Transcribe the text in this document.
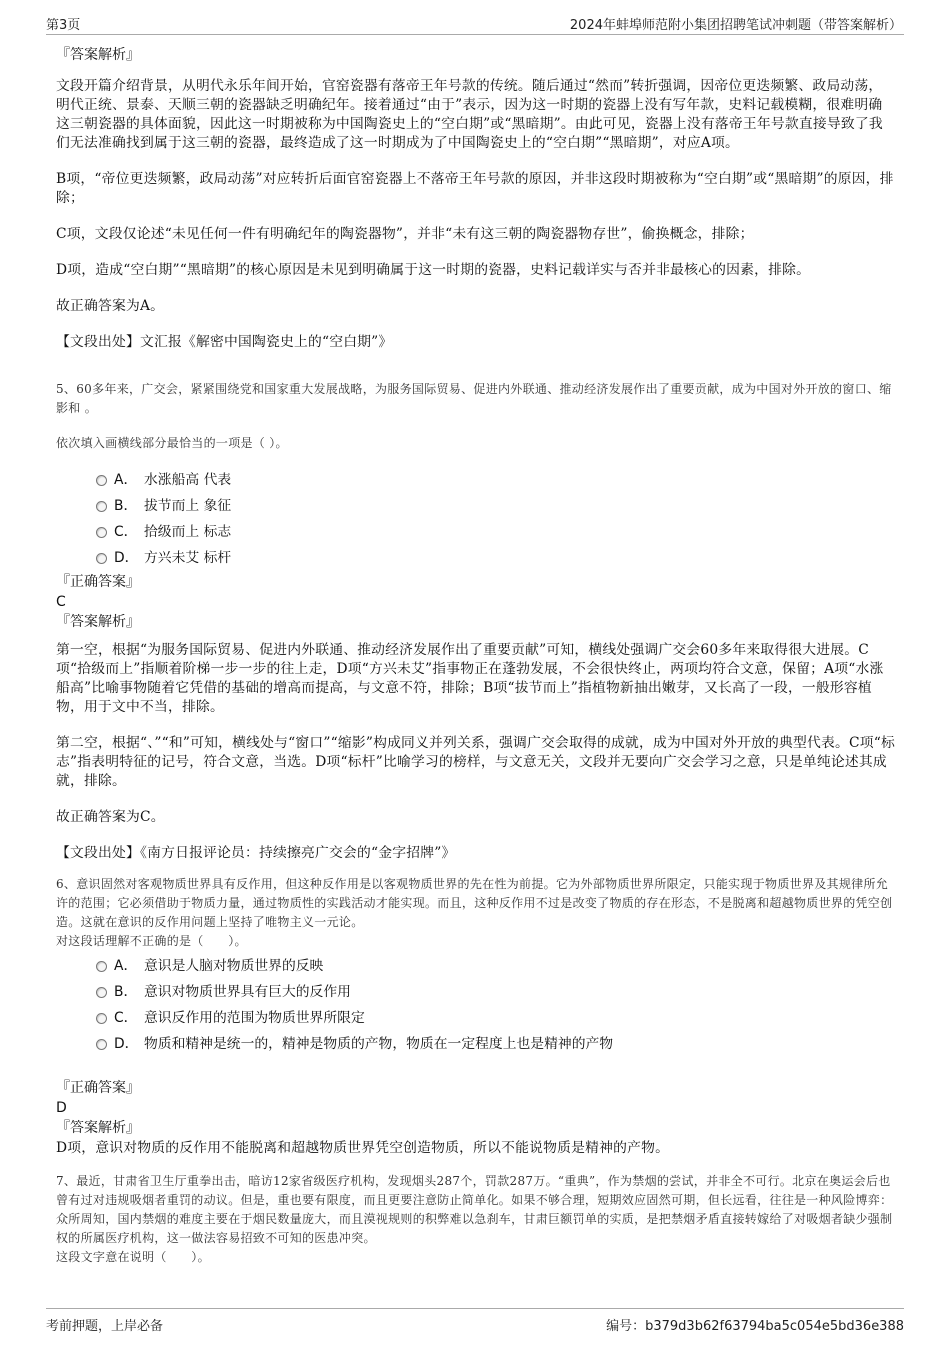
第3页	2024年蚌埠师范附小集团招聘笔试冲刺题（带答案解析）
『答案解析』

文段开篇介绍背景，从明代永乐年间开始，官窑瓷器有落帝王年号款的传统。随后通过“然而”转折强调，因帝位更迭频繁、政局动荡，明代正统、景泰、天顺三朝的瓷器缺乏明确纪年。接着通过“由于”表示，因为这一时期的瓷器上没有写年款，史料记载模糊，很难明确这三朝瓷器的具体面貌，因此这一时期被称为中国陶瓷史上的“空白期”或“黑暗期”。由此可见，瓷器上没有落帝王年号款直接导致了我们无法准确找到属于这三朝的瓷器，最终造成了这一时期成为了中国陶瓷史上的“空白期”“黑暗期”，对应A项。

B项，“帝位更迭频繁，政局动荡”对应转折后面官窑瓷器上不落帝王年号款的原因，并非这段时期被称为“空白期”或“黑暗期”的原因，排除；

C项，文段仅论述“未见任何一件有明确纪年的陶瓷器物”，并非“未有这三朝的陶瓷器物存世”，偷换概念，排除；

D项，造成“空白期”“黑暗期”的核心原因是未见到明确属于这一时期的瓷器，史料记载详实与否并非最核心的因素，排除。

故正确答案为A。

【文段出处】文汇报《解密中国陶瓷史上的“空白期”》

5、60多年来，广交会，紧紧围绕党和国家重大发展战略，为服务国际贸易、促进内外联通、推动经济发展作出了重要贡献，成为中国对外开放的窗口、缩影和 。

依次填入画横线部分最恰当的一项是（ ）。

A． 水涨船高 代表
B． 拔节而上 象征
C． 拾级而上 标志
D． 方兴未艾 标杆
『正确答案』

C

『答案解析』

第一空，根据“为服务国际贸易、促进内外联通、推动经济发展作出了重要贡献”可知，横线处强调广交会60多年来取得很大进展。C项“拾级而上”指顺着阶梯一步一步的往上走，D项“方兴未艾”指事物正在蓬勃发展，不会很快终止，两项均符合文意，保留；A项“水涨船高”比喻事物随着它凭借的基础的增高而提高，与文意不符，排除；B项“拔节而上”指植物新抽出嫩芽，又长高了一段，一般形容植物，用于文中不当，排除。

第二空，根据“、”“和”可知，横线处与“窗口”“缩影”构成同义并列关系，强调广交会取得的成就，成为中国对外开放的典型代表。C项“标志”指表明特征的记号，符合文意，当选。D项“标杆”比喻学习的榜样，与文意无关，文段并无要向广交会学习之意，只是单纯论述其成就，排除。

故正确答案为C。

【文段出处】《南方日报评论员：持续擦亮广交会的“金字招牌”》

6、意识固然对客观物质世界具有反作用，但这种反作用是以客观物质世界的先在性为前提。它为外部物质世界所限定，只能实现于物质世界及其规律所允许的范围；它必须借助于物质力量，通过物质性的实践活动才能实现。而且，这种反作用不过是改变了物质的存在形态，不是脱离和超越物质世界的凭空创造。这就在意识的反作用问题上坚持了唯物主义一元论。

对这段话理解不正确的是（　　）。

A． 意识是人脑对物质世界的反映
B． 意识对物质世界具有巨大的反作用
C． 意识反作用的范围为物质世界所限定
D． 物质和精神是统一的，精神是物质的产物，物质在一定程度上也是精神的产物
『正确答案』

D

『答案解析』

D项，意识对物质的反作用不能脱离和超越物质世界凭空创造物质，所以不能说物质是精神的产物。

7、最近，甘肃省卫生厅重拳出击，暗访12家省级医疗机构，发现烟头287个，罚款287万。“重典”，作为禁烟的尝试，并非全不可行。北京在奥运会后也曾有过对违规吸烟者重罚的动议。但是，重也要有限度，而且更要注意防止简单化。如果不够合理，短期效应固然可期，但长远看，往往是一种风险博弈：众所周知，国内禁烟的难度主要在于烟民数量庞大，而且漠视规则的积弊难以急刹车，甘肃巨额罚单的实质，是把禁烟矛盾直接转嫁给了对吸烟者缺少强制权的所属医疗机构，这一做法容易招致不可知的医患冲突。

这段文字意在说明（　　）。

考前押题，上岸必备	编号：b379d3b62f63794ba5c054e5bd36e388
